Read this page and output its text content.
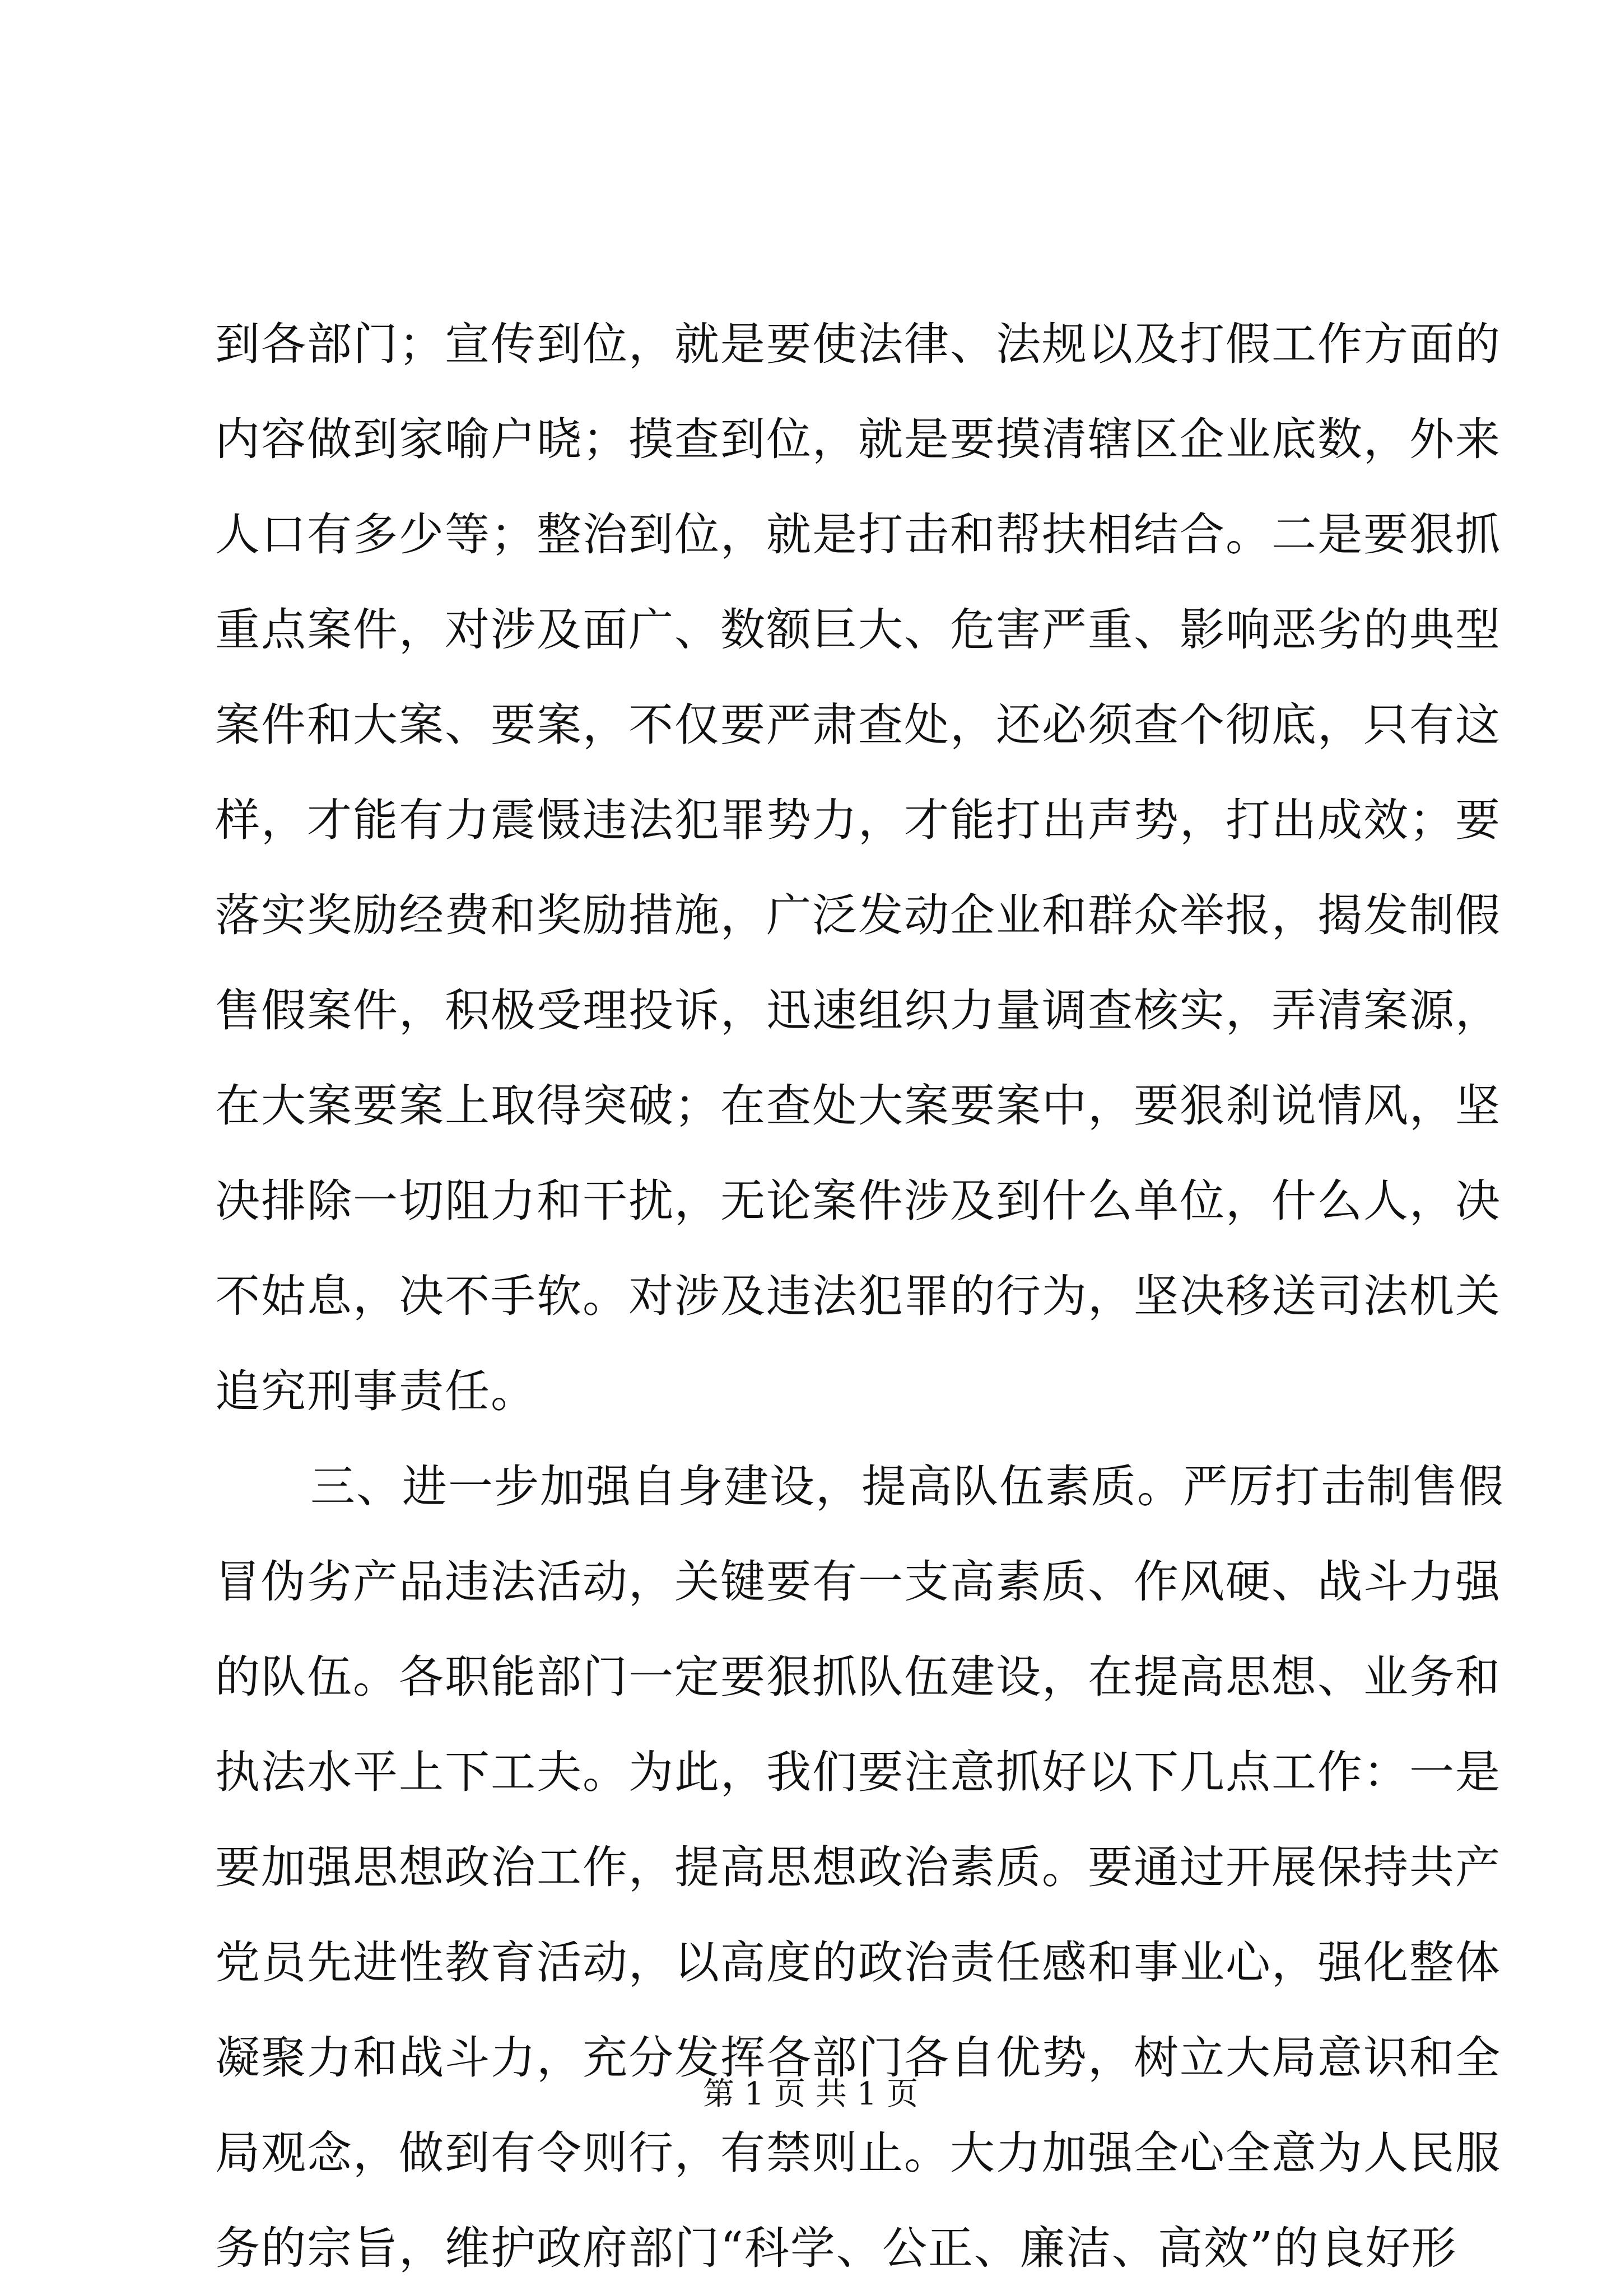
到各部门；宣传到位，就是要使法律、法规以及打假工作方面的
内容做到家喻户晓；摸查到位，就是要摸清辖区企业底数，外来
人口有多少等；整治到位，就是打击和帮扶相结合。二是要狠抓
重点案件，对涉及面广、数额巨大、危害严重、影响恶劣的典型
案件和大案、要案，不仅要严肃查处，还必须查个彻底，只有这
样，才能有力震慑违法犯罪势力，才能打出声势，打出成效；要
落实奖励经费和奖励措施，广泛发动企业和群众举报，揭发制假
售假案件，积极受理投诉，迅速组织力量调查核实，弄清案源，
在大案要案上取得突破；在查处大案要案中，要狠刹说情风，坚
决排除一切阻力和干扰，无论案件涉及到什么单位，什么人，决
不姑息，决不手软。对涉及违法犯罪的行为，坚决移送司法机关
追究刑事责任。
三、进一步加强自身建设，提高队伍素质。严厉打击制售假
冒伪劣产品违法活动，关键要有一支高素质、作风硬、战斗力强
的队伍。各职能部门一定要狠抓队伍建设，在提高思想、业务和
执法水平上下工夫。为此，我们要注意抓好以下几点工作：一是
要加强思想政治工作，提高思想政治素质。要通过开展保持共产
党员先进性教育活动，以高度的政治责任感和事业心，强化整体
凝聚力和战斗力，充分发挥各部门各自优势，树立大局意识和全
局观念，做到有令则行，有禁则止。大力加强全心全意为人民服
务的宗旨，维护政府部门“科学、公正、廉洁、高效”的良好形
第 1 页 共 1 页
